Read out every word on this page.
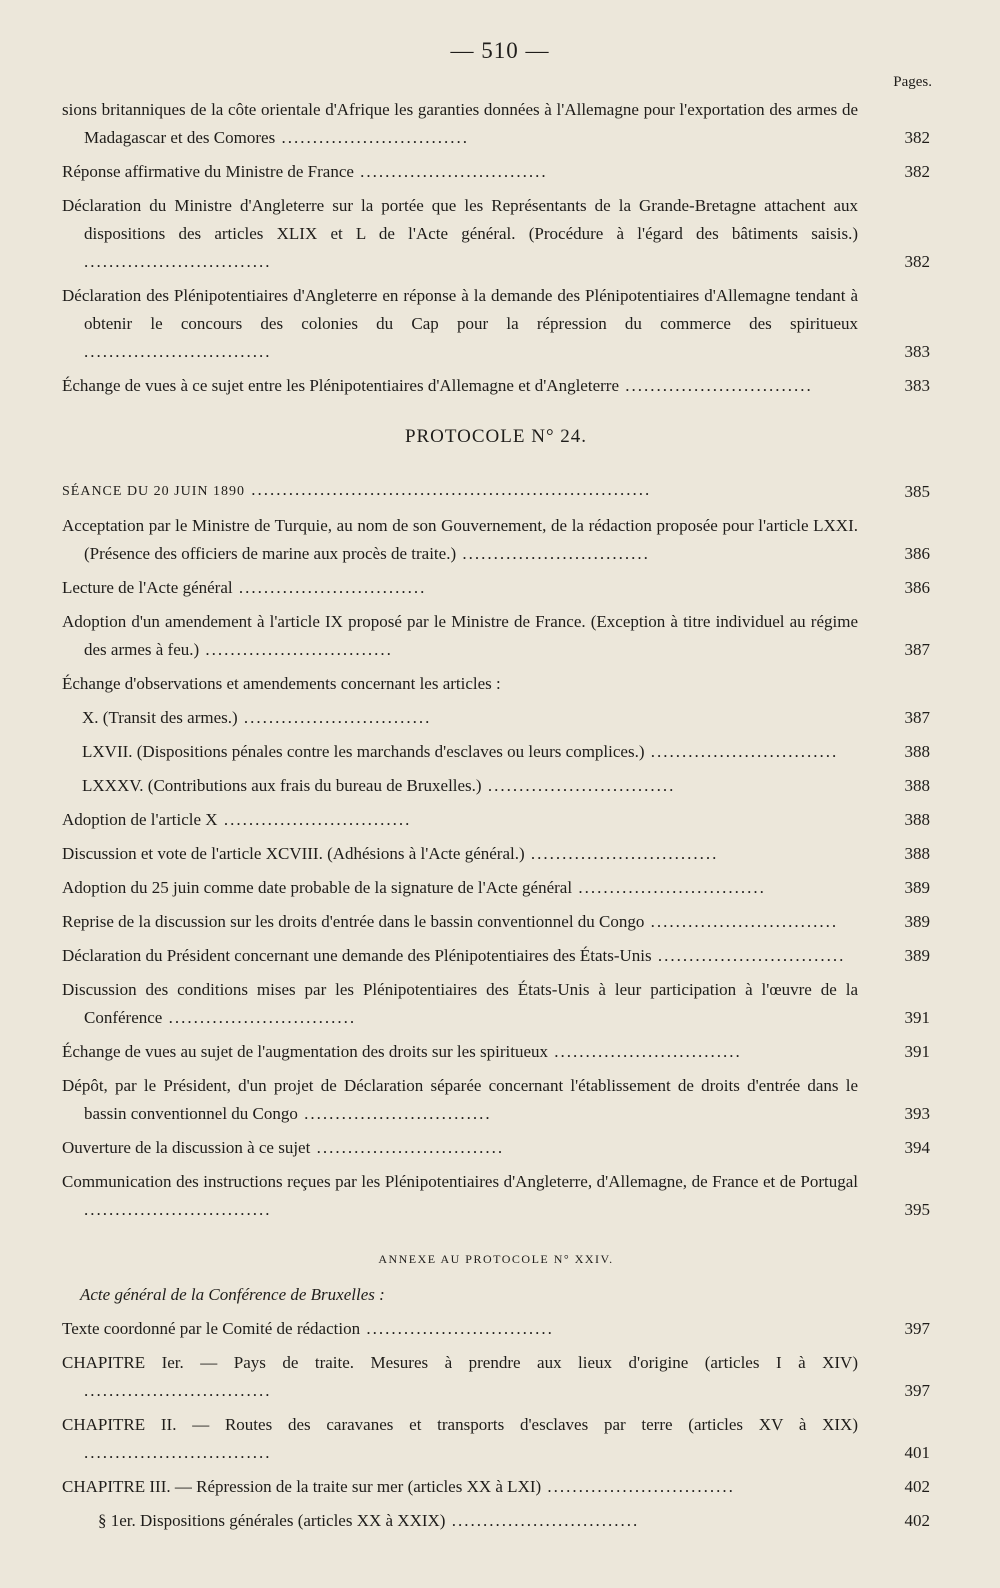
— 510 —
Pages.
sions britanniques de la côte orientale d'Afrique les garanties données à l'Allemagne pour l'exportation des armes de Madagascar et des Comores ..............................	382
Réponse affirmative du Ministre de France ..............................	382
Déclaration du Ministre d'Angleterre sur la portée que les Représentants de la Grande-Bretagne attachent aux dispositions des articles XLIX et L de l'Acte général. (Procédure à l'égard des bâtiments saisis.) ..............................	382
Déclaration des Plénipotentiaires d'Angleterre en réponse à la demande des Plénipotentiaires d'Allemagne tendant à obtenir le concours des colonies du Cap pour la répression du commerce des spiritueux ..............................	383
Échange de vues à ce sujet entre les Plénipotentiaires d'Allemagne et d'Angleterre ..............................	383
PROTOCOLE N° 24.
SÉANCE DU 20 JUIN 1890 ................................................................	385
Acceptation par le Ministre de Turquie, au nom de son Gouvernement, de la rédaction proposée pour l'article LXXI. (Présence des officiers de marine aux procès de traite.) ..............................	386
Lecture de l'Acte général ..............................	386
Adoption d'un amendement à l'article IX proposé par le Ministre de France. (Exception à titre individuel au régime des armes à feu.) ..............................	387
Échange d'observations et amendements concernant les articles :
X. (Transit des armes.) ..............................	387
LXVII. (Dispositions pénales contre les marchands d'esclaves ou leurs complices.) ..............................	388
LXXXV. (Contributions aux frais du bureau de Bruxelles.) ..............................	388
Adoption de l'article X ..............................	388
Discussion et vote de l'article XCVIII. (Adhésions à l'Acte général.) ..............................	388
Adoption du 25 juin comme date probable de la signature de l'Acte général ..............................	389
Reprise de la discussion sur les droits d'entrée dans le bassin conventionnel du Congo ..............................	389
Déclaration du Président concernant une demande des Plénipotentiaires des États-Unis ..............................	389
Discussion des conditions mises par les Plénipotentiaires des États-Unis à leur participation à l'œuvre de la Conférence ..............................	391
Échange de vues au sujet de l'augmentation des droits sur les spiritueux ..............................	391
Dépôt, par le Président, d'un projet de Déclaration séparée concernant l'établissement de droits d'entrée dans le bassin conventionnel du Congo ..............................	393
Ouverture de la discussion à ce sujet ..............................	394
Communication des instructions reçues par les Plénipotentiaires d'Angleterre, d'Allemagne, de France et de Portugal ..............................	395
ANNEXE AU PROTOCOLE N° XXIV.
Acte général de la Conférence de Bruxelles :
Texte coordonné par le Comité de rédaction ..............................	397
CHAPITRE Ier. — Pays de traite. Mesures à prendre aux lieux d'origine (articles I à XIV) ..............................	397
CHAPITRE II. — Routes des caravanes et transports d'esclaves par terre (articles XV à XIX) ..............................	401
CHAPITRE III. — Répression de la traite sur mer (articles XX à LXI) ..............................	402
§ 1er. Dispositions générales (articles XX à XXIX) ..............................	402
